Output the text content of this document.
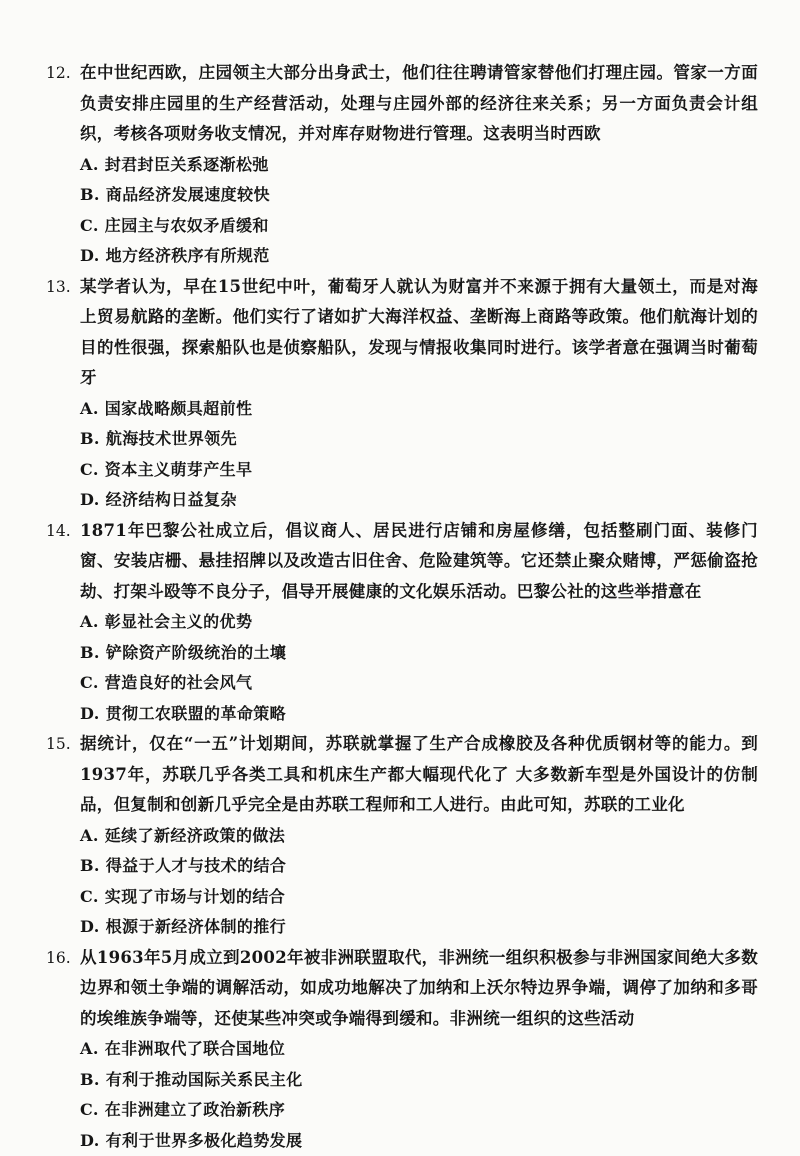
12. 在中世纪西欧，庄园领主大部分出身武士，他们往往聘请管家替他们打理庄园。管家一方面负责安排庄园里的生产经营活动，处理与庄园外部的经济往来关系；另一方面负责会计组织，考核各项财务收支情况，并对库存财物进行管理。这表明当时西欧
A. 封君封臣关系逐渐松弛
B. 商品经济发展速度较快
C. 庄园主与农奴矛盾缓和
D. 地方经济秩序有所规范
13. 某学者认为，早在15世纪中叶，葡萄牙人就认为财富并不来源于拥有大量领土，而是对海上贸易航路的垄断。他们实行了诸如扩大海洋权益、垄断海上商路等政策。他们航海计划的目的性很强，探索船队也是侦察船队，发现与情报收集同时进行。该学者意在强调当时葡萄牙
A. 国家战略颇具超前性
B. 航海技术世界领先
C. 资本主义萌芽产生早
D. 经济结构日益复杂
14. 1871年巴黎公社成立后，倡议商人、居民进行店铺和房屋修缮，包括整刷门面、装修门窗、安装店栅、悬挂招牌以及改造古旧住舍、危险建筑等。它还禁止聚众赌博，严惩偷盗抢劫、打架斗殴等不良分子，倡导开展健康的文化娱乐活动。巴黎公社的这些举措意在
A. 彰显社会主义的优势
B. 铲除资产阶级统治的土壤
C. 营造良好的社会风气
D. 贯彻工农联盟的革命策略
15. 据统计，仅在“一五”计划期间，苏联就掌握了生产合成橡胶及各种优质钢材等的能力。到1937年，苏联几乎各类工具和机床生产都大幅现代化了 大多数新车型是外国设计的仿制品，但复制和创新几乎完全是由苏联工程师和工人进行。由此可知，苏联的工业化
A. 延续了新经济政策的做法
B. 得益于人才与技术的结合
C. 实现了市场与计划的结合
D. 根源于新经济体制的推行
16. 从1963年5月成立到2002年被非洲联盟取代，非洲统一组织积极参与非洲国家间绝大多数边界和领土争端的调解活动，如成功地解决了加纳和上沃尔特边界争端，调停了加纳和多哥的埃维族争端等，还使某些冲突或争端得到缓和。非洲统一组织的这些活动
A. 在非洲取代了联合国地位
B. 有利于推动国际关系民主化
C. 在非洲建立了政治新秩序
D. 有利于世界多极化趋势发展
